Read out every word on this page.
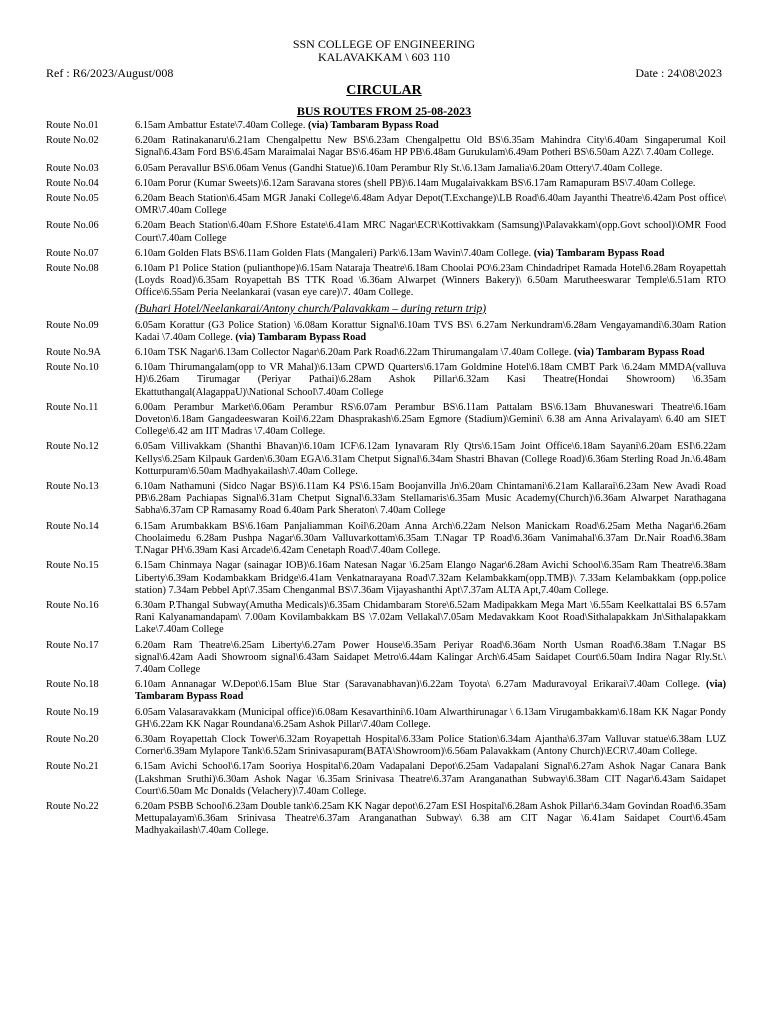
SSN COLLEGE OF ENGINEERING
KALAVAKKAM \ 603 110
Ref : R6/2023/August/008	Date : 24\08\2023
CIRCULAR
BUS ROUTES FROM 25-08-2023
Route No.01	6.15am Ambattur Estate\7.40am College. (via) Tambaram Bypass Road
Route No.02	6.20am Ratinakanaru\6.21am Chengalpettu New BS\6.23am Chengalpettu Old BS\6.35am Mahindra City\6.40am Singaperumal Koil Signal\6.43am Ford BS\6.45am Maraimalai Nagar BS\6.46am HP PB\6.48am Gurukulam\6.49am Potheri BS\6.50am A2Z\ 7.40am College.
Route No.03	6.05am Peravallur BS\6.06am Venus (Gandhi Statue)\6.10am Perambur Rly St.\6.13am Jamalia\6.20am Ottery\7.40am College.
Route No.04	6.10am Porur (Kumar Sweets)\6.12am Saravana stores (shell PB)\6.14am Mugalaivakkam BS\6.17am Ramapuram BS\7.40am College.
Route No.05	6.20am Beach Station\6.45am MGR Janaki College\6.48am Adyar Depot(T.Exchange)\LB Road\6.40am Jayanthi Theatre\6.42am Post office\ OMR\7.40am College
Route No.06	6.20am Beach Station\6.40am F.Shore Estate\6.41am MRC Nagar\ECR\Kottivakkam (Samsung)\Palavakkam\(opp.Govt school)\OMR Food Court\7.40am College
Route No.07	6.10am Golden Flats BS\6.11am Golden Flats (Mangaleri) Park\6.13am Wavin\7.40am College. (via) Tambaram Bypass Road
Route No.08	6.10am P1 Police Station (pulianthope)\6.15am Nataraja Theatre\6.18am Choolai PO\6.23am Chindadripet Ramada Hotel\6.28am Royapettah (Loyds Road)\6.35am Royapettah BS TTK Road \6.36am Alwarpet (Winners Bakery)\ 6.50am Marutheeswarar Temple\6.51am RTO Office\6.55am Peria Neelankarai (vasan eye care)\7. 40am College.
(Buhari Hotel/Neelankarai/Antony church/Palavakkam – during return trip)
Route No.09	6.05am Korattur (G3 Police Station) \6.08am Korattur Signal\6.10am TVS BS\ 6.27am Nerkundram\6.28am Vengayamandi\6.30am Ration Kadai \7.40am College. (via) Tambaram Bypass Road
Route No.9A	6.10am TSK Nagar\6.13am Collector Nagar\6.20am Park Road\6.22am Thirumangalam \7.40am College. (via) Tambaram Bypass Road
Route No.10	6.10am Thirumangalam(opp to VR Mahal)\6.13am CPWD Quarters\6.17am Goldmine Hotel\6.18am CMBT Park \6.24am MMDA(valluva H)\6.26am Tirumagar (Periyar Pathai)\6.28am Ashok Pillar\6.32am Kasi Theatre(Hondai Showroom) \6.35am Ekattuthangal(AlagappaU)\National School\7.40am College
Route No.11	6.00am Perambur Market\6.06am Perambur RS\6.07am Perambur BS\6.11am Pattalam BS\6.13am Bhuvaneswari Theatre\6.16am Doveton\6.18am Gangadeeswaran Koil\6.22am Dhasprakash\6.25am Egmore (Stadium)\Gemini\ 6.38 am Anna Arivalayam\ 6.40 am SIET College\6.42 am IIT Madras \7.40am College.
Route No.12	6.05am Villivakkam (Shanthi Bhavan)\6.10am ICF\6.12am Iynavaram Rly Qtrs\6.15am Joint Office\6.18am Sayani\6.20am ESI\6.22am Kellys\6.25am Kilpauk Garden\6.30am EGA\6.31am Chetput Signal\6.34am Shastri Bhavan (College Road)\6.36am Sterling Road Jn.\6.48am Kotturpuram\6.50am Madhyakailash\7.40am College.
Route No.13	6.10am Nathamuni (Sidco Nagar BS)\6.11am K4 PS\6.15am Boojanvilla Jn\6.20am Chintamani\6.21am Kallarai\6.23am New Avadi Road PB\6.28am Pachiapas Signal\6.31am Chetput Signal\6.33am Stellamaris\6.35am Music Academy(Church)\6.36am Alwarpet Narathagana Sabha\6.37am CP Ramasamy Road 6.40am Park Sheraton\ 7.40am College
Route No.14	6.15am Arumbakkam BS\6.16am Panjaliamman Koil\6.20am Anna Arch\6.22am Nelson Manickam Road\6.25am Metha Nagar\6.26am Choolaimedu 6.28am Pushpa Nagar\6.30am Valluvarkottam\6.35am T.Nagar TP Road\6.36am Vanimahal\6.37am Dr.Nair Road\6.38am T.Nagar PH\6.39am Kasi Arcade\6.42am Cenetaph Road\7.40am College.
Route No.15	6.15am Chinmaya Nagar (sainagar IOB)\6.16am Natesan Nagar \6.25am Elango Nagar\6.28am Avichi School\6.35am Ram Theatre\6.38am Liberty\6.39am Kodambakkam Bridge\6.41am Venkatnarayana Road\7.32am Kelambakkam(opp.TMB)\ 7.33am Kelambakkam (opp.police station) 7.34am Pebbel Apt\7.35am Chenganmal BS\7.36am Vijayashanthi Apt\7.37am ALTA Apt,7.40am College.
Route No.16	6.30am P.Thangal Subway(Amutha Medicals)\6.35am Chidambaram Store\6.52am Madipakkam Mega Mart \6.55am Keelkattalai BS 6.57am Rani Kalyanamandapam\ 7.00am Kovilambakkam BS \7.02am Vellakal\7.05am Medavakkam Koot Road\Sithalapakkam Jn\Sithalapakkam Lake\7.40am College
Route No.17	6.20am Ram Theatre\6.25am Liberty\6.27am Power House\6.35am Periyar Road\6.36am North Usman Road\6.38am T.Nagar BS signal\6.42am Aadi Showroom signal\6.43am Saidapet Metro\6.44am Kalingar Arch\6.45am Saidapet Court\6.50am Indira Nagar Rly.St.\ 7.40am College
Route No.18	6.10am Annanagar W.Depot\6.15am Blue Star (Saravanabhavan)\6.22am Toyota\ 6.27am Maduravoyal Erikarai\7.40am College. (via) Tambaram Bypass Road
Route No.19	6.05am Valasaravakkam (Municipal office)\6.08am Kesavarthini\6.10am Alwarthirunagar \ 6.13am Virugambakkam\6.18am KK Nagar Pondy GH\6.22am KK Nagar Roundana\6.25am Ashok Pillar\7.40am College.
Route No.20	6.30am Royapettah Clock Tower\6.32am Royapettah Hospital\6.33am Police Station\6.34am Ajantha\6.37am Valluvar statue\6.38am LUZ Corner\6.39am Mylapore Tank\6.52am Srinivasapuram(BATA\Showroom)\6.56am Palavakkam (Antony Church)\ECR\7.40am College.
Route No.21	6.15am Avichi School\6.17am Sooriya Hospital\6.20am Vadapalani Depot\6.25am Vadapalani Signal\6.27am Ashok Nagar Canara Bank (Lakshman Sruthi)\6.30am Ashok Nagar \6.35am Srinivasa Theatre\6.37am Aranganathan Subway\6.38am CIT Nagar\6.43am Saidapet Court\6.50am Mc Donalds (Velachery)\7.40am College.
Route No.22	6.20am PSBB School\6.23am Double tank\6.25am KK Nagar depot\6.27am ESI Hospital\6.28am Ashok Pillar\6.34am Govindan Road\6.35am Mettupalayam\6.36am Srinivasa Theatre\6.37am Aranganathan Subway\ 6.38 am CIT Nagar \6.41am Saidapet Court\6.45am Madhyakailash\7.40am College.
